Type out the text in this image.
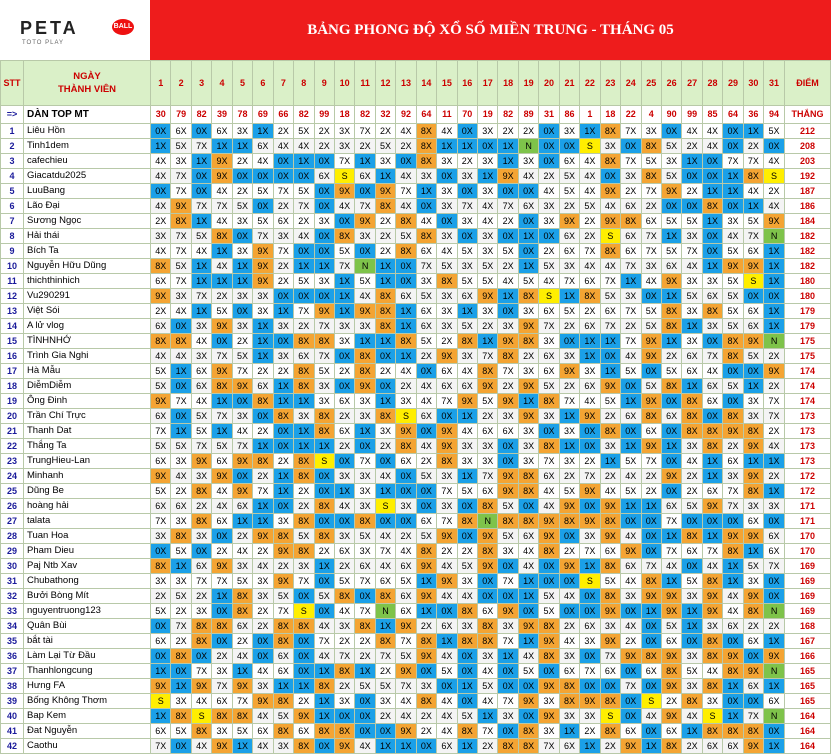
PETA	BALL
TOTO PLAY
BẢNG PHONG ĐỘ XỔ SỐ MIỀN TRUNG - THÁNG 05
STT	NGÀY
THÀNH VIÊN	1	2	3	4	5	6	7	8	9	10	11	12	13	14	15	16	17	18	19	20	21	22	23	24	25	26	27	28	29	30	31	ĐIỂM
=>	DÀN TOP MT	30	79	82	39	78	69	66	82	99	18	82	32	92	64	11	70	19	82	89	31	86	1	18	22	4	90	99	85	64	36	94	THẮNG
1	Liêu Hồn	0X	6X	0X	6X	3X	1X	2X	5X	2X	3X	7X	2X	4X	8X	4X	0X	3X	2X	2X	0X	3X	1X	8X	7X	3X	0X	4X	4X	0X	1X	5X	212
2	Tinh1dem	1X	5X	7X	1X	1X	6X	4X	4X	2X	3X	2X	5X	2X	8X	1X	1X	0X	1X	N	0X	0X	S	3X	0X	8X	5X	2X	4X	0X	2X	0X	208
3	cafechieu	4X	3X	1X	9X	2X	4X	0X	1X	0X	7X	1X	3X	0X	8X	3X	2X	3X	1X	3X	0X	6X	4X	8X	7X	5X	3X	1X	0X	7X	7X	4X	203
4	Giacatdu2025	4X	7X	0X	9X	0X	0X	0X	0X	6X	S	6X	1X	4X	3X	0X	3X	1X	9X	4X	2X	5X	4X	0X	3X	8X	5X	0X	0X	1X	8X	S	192
5	LuuBang	0X	7X	0X	4X	2X	5X	7X	5X	0X	9X	0X	9X	7X	1X	3X	0X	3X	0X	0X	4X	5X	4X	9X	2X	7X	9X	2X	1X	1X	4X	2X	187
6	Lão Đại	4X	9X	7X	7X	5X	0X	2X	7X	0X	4X	7X	8X	4X	0X	3X	7X	4X	7X	6X	3X	2X	5X	4X	6X	2X	0X	0X	8X	0X	1X	4X	186
7	Sương Ngọc	2X	8X	1X	4X	3X	5X	6X	2X	3X	0X	9X	2X	8X	4X	0X	3X	4X	2X	0X	3X	9X	2X	9X	8X	6X	5X	5X	1X	3X	5X	9X	184
8	Hải thái	3X	7X	5X	8X	0X	7X	3X	4X	0X	8X	3X	2X	5X	8X	3X	0X	3X	0X	1X	0X	6X	2X	S	6X	7X	1X	3X	0X	4X	7X	N	182
9	Bích Ta	4X	7X	4X	1X	3X	9X	7X	0X	0X	5X	0X	2X	8X	6X	4X	5X	3X	5X	0X	2X	6X	7X	8X	6X	7X	5X	7X	0X	5X	6X	1X	182
10	Nguyễn Hữu Dũng	8X	5X	1X	4X	1X	9X	2X	1X	1X	7X	N	1X	0X	7X	5X	3X	5X	2X	1X	5X	3X	4X	4X	7X	3X	6X	4X	1X	9X	9X	1X	182
11	thichthinhich	6X	7X	1X	1X	1X	9X	2X	5X	3X	1X	5X	1X	0X	3X	8X	5X	5X	4X	5X	4X	7X	6X	7X	1X	4X	9X	3X	3X	5X	S	1X	180
12	Vu290291	9X	3X	7X	2X	3X	3X	0X	0X	0X	1X	4X	8X	6X	5X	3X	6X	9X	1X	8X	S	1X	8X	5X	3X	0X	1X	5X	6X	5X	0X	0X	180
13	Việt Sói	2X	4X	1X	5X	0X	3X	1X	7X	9X	1X	9X	8X	1X	6X	3X	1X	3X	0X	3X	6X	5X	2X	6X	7X	5X	8X	3X	8X	5X	6X	1X	179
14	A lử vlog	6X	0X	3X	9X	3X	1X	3X	2X	7X	3X	3X	8X	1X	6X	3X	5X	2X	3X	9X	7X	2X	6X	7X	2X	5X	8X	1X	3X	5X	6X	1X	179
15	TÌNHNHỚ	8X	8X	4X	0X	2X	1X	0X	8X	8X	3X	1X	1X	8X	5X	2X	8X	1X	9X	8X	3X	0X	1X	1X	7X	9X	1X	3X	0X	8X	9X	N	175
16	Trình Gia Nghi	4X	4X	3X	7X	5X	1X	3X	6X	7X	0X	8X	0X	1X	2X	9X	3X	7X	8X	2X	6X	3X	1X	0X	4X	9X	2X	6X	7X	8X	5X	2X	175
17	Hà Mẫu	5X	1X	6X	9X	7X	2X	2X	8X	5X	2X	8X	2X	4X	0X	6X	4X	8X	7X	3X	6X	9X	3X	1X	5X	0X	5X	6X	4X	0X	0X	9X	174
18	DiễmDiễm	5X	0X	6X	8X	9X	6X	1X	8X	3X	0X	9X	0X	2X	4X	6X	6X	9X	2X	9X	5X	2X	6X	9X	0X	5X	8X	1X	6X	5X	1X	2X	174
19	Ông Đinh	9X	7X	4X	1X	0X	8X	1X	1X	3X	6X	3X	1X	3X	4X	7X	9X	5X	9X	1X	8X	7X	4X	5X	1X	9X	0X	8X	6X	0X	3X	7X	174
20	Trần Chí Trực	6X	0X	5X	7X	3X	0X	8X	3X	8X	2X	3X	8X	S	6X	0X	1X	2X	3X	9X	3X	1X	9X	2X	6X	8X	6X	8X	0X	8X	3X	7X	173
21	Thanh Dat	7X	1X	5X	1X	4X	2X	0X	1X	8X	6X	1X	3X	9X	0X	9X	4X	6X	6X	3X	0X	3X	0X	8X	0X	6X	0X	8X	8X	9X	8X	2X	173
22	Thắng Ta	5X	5X	7X	5X	7X	1X	0X	1X	1X	2X	0X	2X	8X	4X	9X	3X	3X	0X	3X	8X	1X	0X	3X	1X	9X	1X	3X	8X	2X	9X	4X	173
23	TrungHieu-Lan	6X	3X	9X	6X	9X	8X	2X	8X	S	0X	7X	0X	6X	2X	8X	3X	3X	0X	3X	7X	3X	2X	1X	5X	7X	0X	4X	1X	6X	1X	1X	173
24	Minhanh	9X	4X	3X	9X	0X	2X	1X	8X	0X	3X	3X	4X	0X	5X	3X	1X	7X	9X	8X	6X	2X	7X	2X	4X	2X	9X	2X	1X	3X	9X	2X	172
25	Dũng Be	5X	2X	8X	4X	9X	7X	1X	2X	0X	1X	3X	1X	0X	0X	7X	5X	6X	9X	8X	4X	5X	9X	4X	5X	2X	0X	2X	6X	7X	8X	1X	172
26	hoàng hải	6X	6X	2X	4X	6X	1X	0X	2X	8X	4X	3X	S	3X	0X	3X	0X	8X	5X	0X	4X	9X	0X	9X	1X	1X	6X	5X	9X	7X	3X	3X	171
27	talata	7X	3X	8X	6X	1X	1X	3X	8X	0X	0X	8X	0X	0X	6X	7X	8X	N	8X	8X	9X	8X	9X	8X	0X	0X	7X	0X	0X	0X	6X	0X	171
28	Tuan Hoa	3X	8X	3X	0X	2X	9X	8X	5X	8X	3X	5X	4X	2X	5X	9X	0X	9X	5X	6X	9X	0X	3X	9X	4X	0X	1X	8X	1X	9X	9X	6X	170
29	Pham Dieu	0X	5X	0X	2X	4X	2X	9X	8X	2X	6X	3X	7X	4X	8X	2X	2X	8X	3X	4X	8X	2X	7X	6X	9X	0X	7X	6X	7X	8X	1X	6X	170
30	Paj Ntb Xav	8X	1X	6X	9X	3X	4X	2X	3X	1X	2X	6X	4X	6X	9X	4X	5X	9X	0X	4X	0X	9X	1X	8X	6X	7X	4X	0X	4X	1X	5X	7X	169
31	Chubathong	3X	3X	7X	7X	5X	3X	9X	7X	0X	5X	7X	6X	5X	1X	9X	3X	0X	7X	1X	0X	0X	S	5X	4X	8X	1X	5X	8X	1X	3X	0X	169
32	Bưởi Bòng Mít	2X	5X	2X	1X	8X	3X	5X	0X	5X	8X	0X	8X	6X	9X	4X	4X	0X	0X	1X	5X	4X	0X	8X	3X	9X	9X	3X	9X	4X	9X	0X	169
33	nguyentruong123	5X	2X	3X	0X	8X	2X	7X	S	0X	4X	7X	N	6X	1X	0X	8X	6X	9X	0X	5X	0X	0X	9X	0X	1X	9X	1X	9X	4X	8X	N	169
34	Quân Bùi	0X	7X	8X	8X	6X	2X	8X	8X	4X	3X	8X	1X	9X	2X	6X	3X	8X	3X	9X	8X	2X	6X	3X	4X	0X	5X	1X	3X	6X	2X	2X	168
35	bắt tài	6X	2X	8X	0X	2X	0X	8X	0X	7X	2X	2X	8X	7X	8X	1X	8X	8X	7X	1X	9X	4X	3X	9X	2X	0X	6X	0X	8X	0X	6X	1X	167
36	Làm Lại Từ Đầu	0X	8X	0X	2X	4X	0X	6X	0X	4X	7X	2X	7X	5X	9X	4X	0X	3X	1X	4X	8X	3X	0X	7X	9X	8X	9X	3X	8X	9X	0X	9X	166
37	Thanhlongcung	1X	0X	7X	3X	1X	4X	6X	0X	1X	8X	1X	2X	9X	0X	5X	0X	4X	0X	5X	0X	6X	7X	6X	0X	6X	8X	5X	4X	8X	9X	N	165
38	Hưng FA	9X	1X	9X	7X	9X	3X	1X	1X	8X	2X	5X	5X	7X	3X	0X	1X	5X	0X	0X	9X	8X	0X	0X	7X	0X	9X	3X	8X	1X	6X	1X	165
39	Bống Không Thơm	S	3X	4X	6X	7X	9X	8X	2X	1X	3X	0X	3X	4X	8X	4X	0X	4X	7X	9X	3X	8X	9X	8X	0X	S	2X	8X	3X	0X	0X	6X	165
40	Bap Kem	1X	8X	S	8X	8X	4X	5X	9X	1X	0X	0X	2X	4X	2X	4X	5X	1X	3X	0X	9X	3X	3X	S	0X	4X	9X	4X	S	1X	7X	N	164
41	Đat Nguyễn	6X	5X	8X	3X	5X	6X	8X	6X	8X	8X	0X	0X	9X	2X	4X	8X	7X	0X	8X	3X	1X	2X	8X	6X	0X	6X	1X	8X	8X	8X	0X	164
42	Caothu	7X	0X	4X	9X	1X	4X	3X	8X	0X	9X	4X	1X	1X	0X	6X	1X	2X	8X	8X	7X	6X	1X	2X	9X	1X	8X	2X	6X	6X	9X	1X	164
